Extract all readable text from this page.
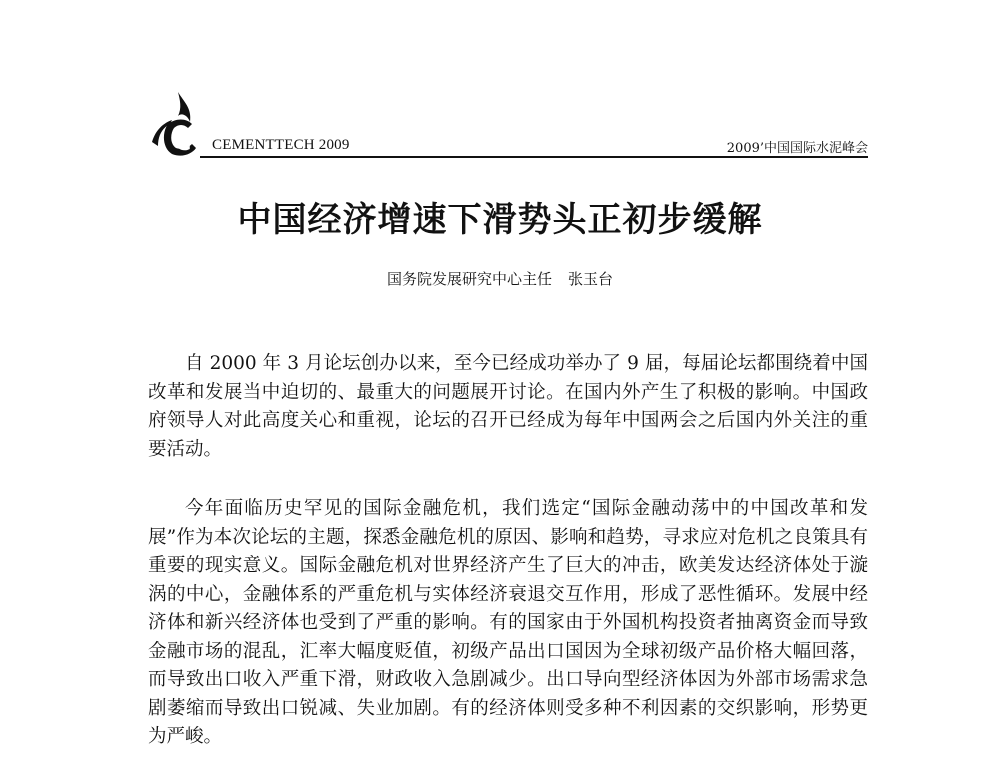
C CEMENTTECH 2009	2009’中国国际水泥峰会
中国经济增速下滑势头正初步缓解
国务院发展研究中心主任 张玉台

自 2000 年 3 月论坛创办以来，至今已经成功举办了 9 届，每届论坛都围绕着中国改革和发展当中迫切的、最重大的问题展开讨论。在国内外产生了积极的影响。中国政府领导人对此高度关心和重视，论坛的召开已经成为每年中国两会之后国内外关注的重要活动。

今年面临历史罕见的国际金融危机，我们选定“国际金融动荡中的中国改革和发展”作为本次论坛的主题，探悉金融危机的原因、影响和趋势，寻求应对危机之良策具有重要的现实意义。国际金融危机对世界经济产生了巨大的冲击，欧美发达经济体处于漩涡的中心，金融体系的严重危机与实体经济衰退交互作用，形成了恶性循环。发展中经济体和新兴经济体也受到了严重的影响。有的国家由于外国机构投资者抽离资金而导致金融市场的混乱，汇率大幅度贬值，初级产品出口国因为全球初级产品价格大幅回落，而导致出口收入严重下滑，财政收入急剧减少。出口导向型经济体因为外部市场需求急剧萎缩而导致出口锐减、失业加剧。有的经济体则受多种不利因素的交织影响，形势更为严峻。
